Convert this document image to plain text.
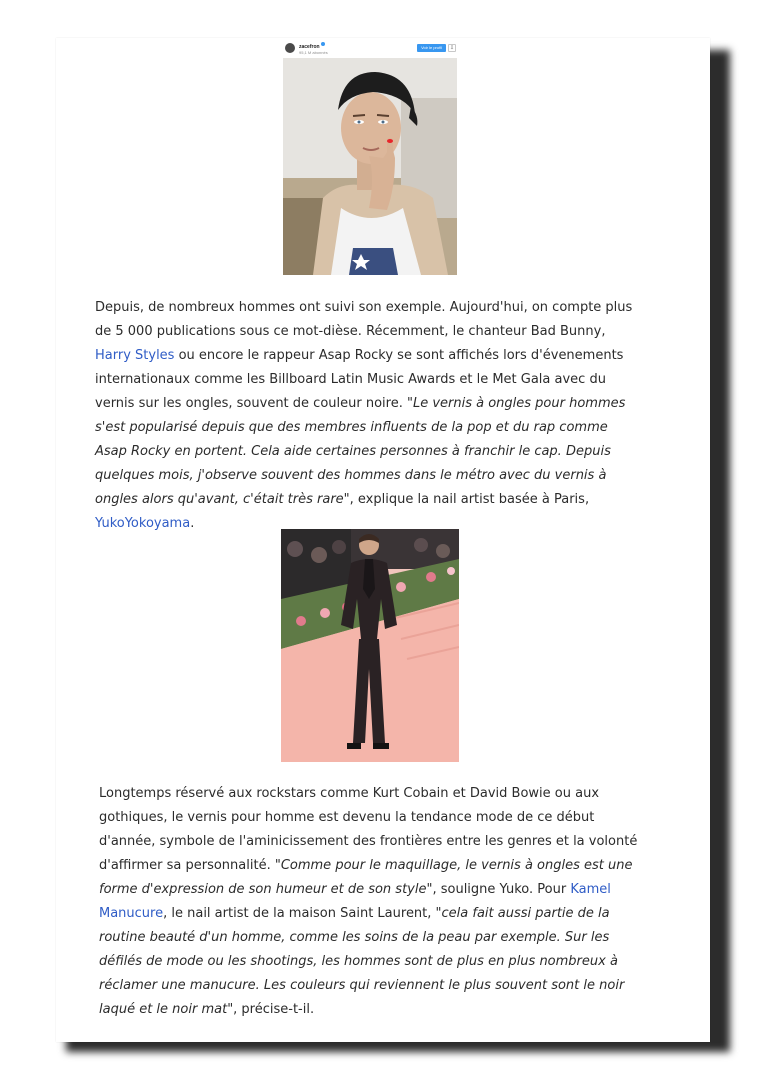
zacefron
95,1 M abonnés
Voir le profil	⇩

Depuis, de nombreux hommes ont suivi son exemple. Aujourd'hui, on compte plus de 5 000 publications sous ce mot-dièse. Récemment, le chanteur Bad Bunny, Harry Styles ou encore le rappeur Asap Rocky se sont affichés lors d'évenements internationaux comme les Billboard Latin Music Awards et le Met Gala avec du vernis sur les ongles, souvent de couleur noire. "Le vernis à ongles pour hommes s'est popularisé depuis que des membres influents de la pop et du rap comme Asap Rocky en portent. Cela aide certaines personnes à franchir le cap. Depuis quelques mois, j'observe souvent des hommes dans le métro avec du vernis à ongles alors qu'avant, c'était très rare", explique la nail artist basée à Paris, YukoYokoyama.

Longtemps réservé aux rockstars comme Kurt Cobain et David Bowie ou aux gothiques, le vernis pour homme est devenu la tendance mode de ce début d'année, symbole de l'aminicissement des frontières entre les genres et la volonté d'affirmer sa personnalité. "Comme pour le maquillage, le vernis à ongles est une forme d'expression de son humeur et de son style", souligne Yuko. Pour Kamel Manucure, le nail artist de la maison Saint Laurent, "cela fait aussi partie de la routine beauté d'un homme, comme les soins de la peau par exemple. Sur les défilés de mode ou les shootings, les hommes sont de plus en plus nombreux à réclamer une manucure. Les couleurs qui reviennent le plus souvent sont le noir laqué et le noir mat", précise-t-il.
